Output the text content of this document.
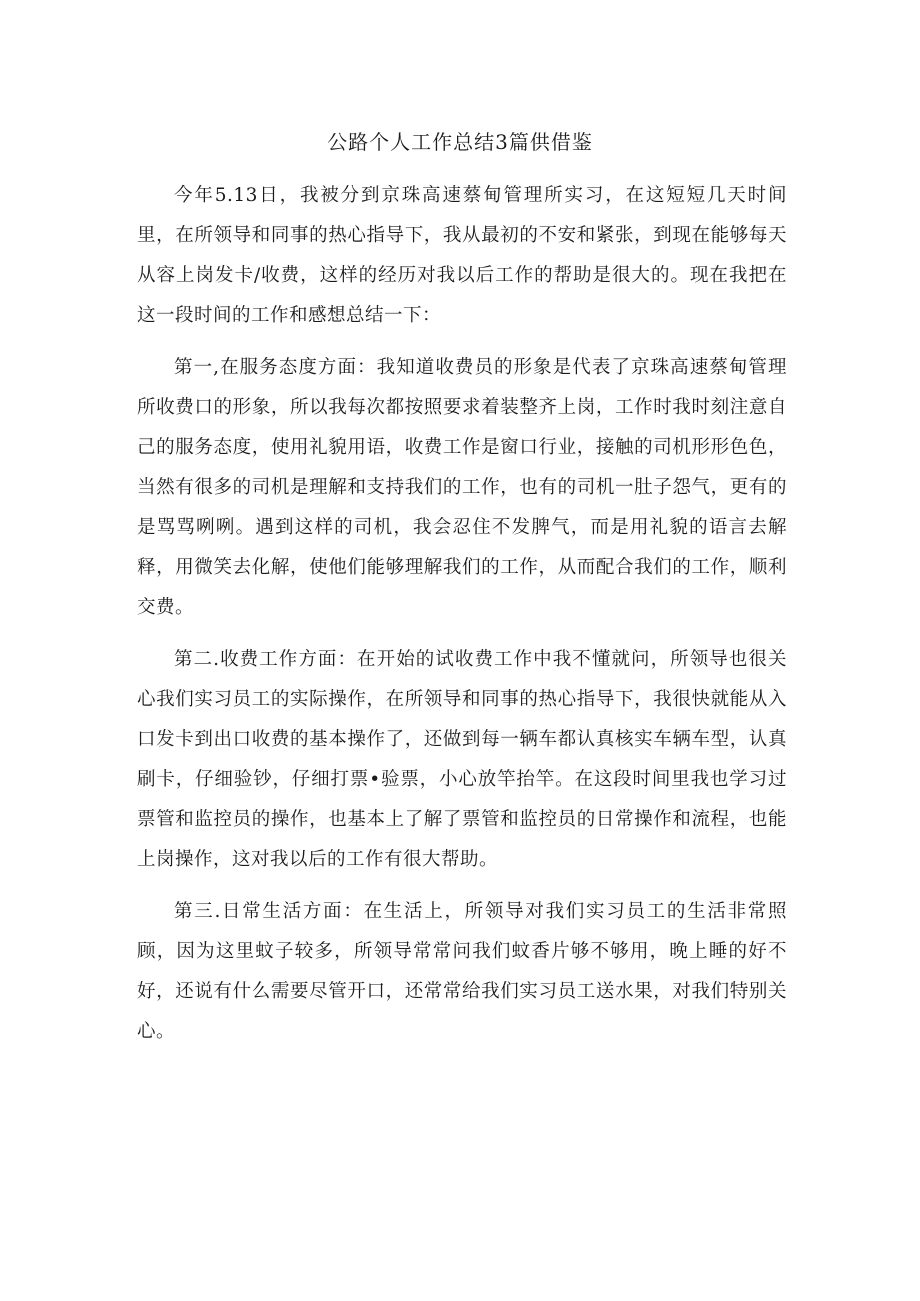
公路个人工作总结3篇供借鉴

今年5.13日，我被分到京珠高速蔡甸管理所实习，在这短短几天时间里，在所领导和同事的热心指导下，我从最初的不安和紧张，到现在能够每天从容上岗发卡/收费，这样的经历对我以后工作的帮助是很大的。现在我把在这一段时间的工作和感想总结一下：

第一,在服务态度方面：我知道收费员的形象是代表了京珠高速蔡甸管理所收费口的形象，所以我每次都按照要求着装整齐上岗，工作时我时刻注意自己的服务态度，使用礼貌用语，收费工作是窗口行业，接触的司机形形色色，当然有很多的司机是理解和支持我们的工作，也有的司机一肚子怨气，更有的是骂骂咧咧。遇到这样的司机，我会忍住不发脾气，而是用礼貌的语言去解释，用微笑去化解，使他们能够理解我们的工作，从而配合我们的工作，顺利交费。

第二.收费工作方面：在开始的试收费工作中我不懂就问，所领导也很关心我们实习员工的实际操作，在所领导和同事的热心指导下，我很快就能从入口发卡到出口收费的基本操作了，还做到每一辆车都认真核实车辆车型，认真刷卡，仔细验钞，仔细打票•验票，小心放竿抬竿。在这段时间里我也学习过票管和监控员的操作，也基本上了解了票管和监控员的日常操作和流程，也能上岗操作，这对我以后的工作有很大帮助。

第三.日常生活方面：在生活上，所领导对我们实习员工的生活非常照顾，因为这里蚊子较多，所领导常常问我们蚊香片够不够用，晚上睡的好不好，还说有什么需要尽管开口，还常常给我们实习员工送水果，对我们特别关心。
